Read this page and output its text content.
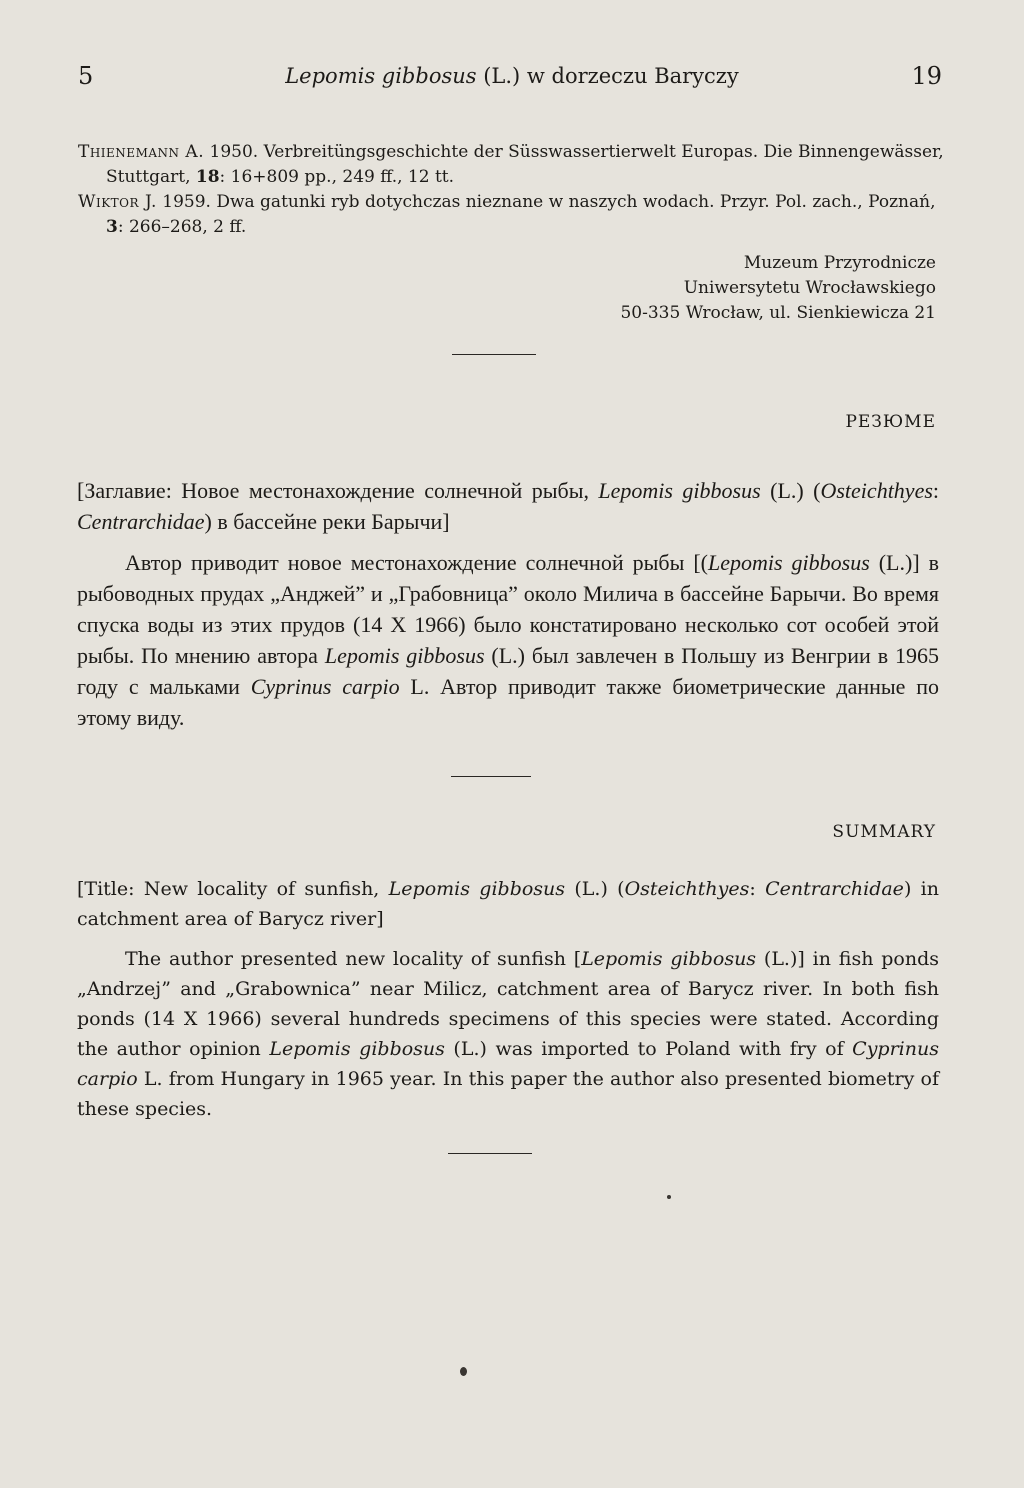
5	Lepomis gibbosus (L.) w dorzeczu Baryczy	19

Thienemann A. 1950. Verbreitüngsgeschichte der Süsswassertierwelt Europas. Die Binnengewässer, Stuttgart, 18: 16+809 pp., 249 ff., 12 tt.

Wiktor J. 1959. Dwa gatunki ryb dotychczas nieznane w naszych wodach. Przyr. Pol. zach., Poznań, 3: 266–268, 2 ff.

Muzeum Przyrodnicze
Uniwersytetu Wrocławskiego
50-335 Wrocław, ul. Sienkiewicza 21
РЕЗЮМЕ

[Заглавие: Новое местонахождение солнечной рыбы, Lepomis gibbosus (L.) (Osteichthyes: Centrarchidae) в бассейне реки Барычи]

Автор приводит новое местонахождение солнечной рыбы [(Lepomis gibbosus (L.)] в рыбоводных прудах „Анджей” и „Грабовница” около Милича в бассейне Барычи. Во время спуска воды из этих прудов (14 X 1966) было констатировано несколько сот особей этой рыбы. По мнению автора Lepomis gibbosus (L.) был завлечен в Польшу из Венгрии в 1965 году с мальками Cyprinus carpio L. Автор приводит также биометрические данные по этому виду.

SUMMARY

[Title: New locality of sunfish, Lepomis gibbosus (L.) (Osteichthyes: Centrarchidae) in catchment area of Barycz river]

The author presented new locality of sunfish [Lepomis gibbosus (L.)] in fish ponds „Andrzej” and „Grabownica” near Milicz, catchment area of Barycz river. In both fish ponds (14 X 1966) several hundreds specimens of this species were stated. According the author opinion Lepomis gibbosus (L.) was imported to Poland with fry of Cyprinus carpio L. from Hungary in 1965 year. In this paper the author also presented biometry of these species.
